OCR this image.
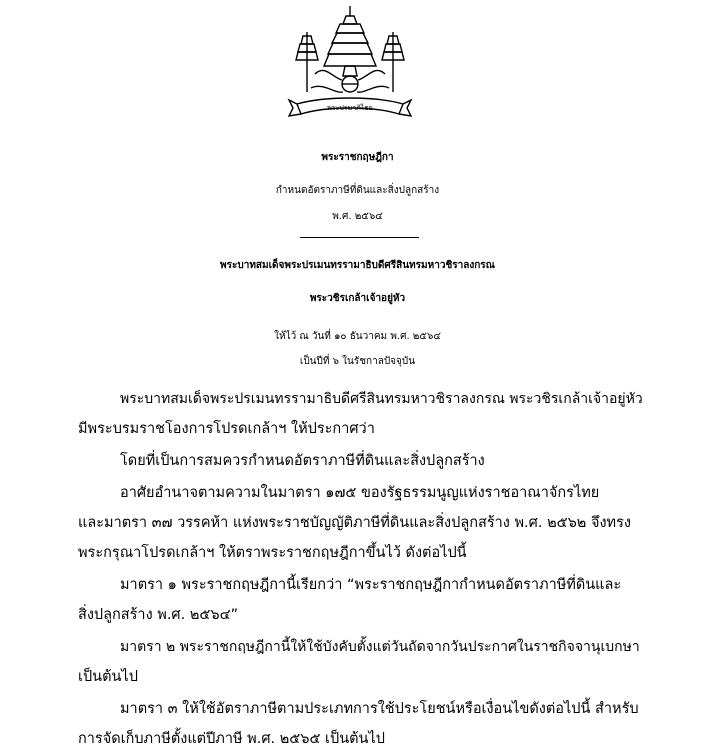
พระปรมาภิไธย
พระราชกฤษฎีกา
กำหนดอัตราภาษีที่ดินและสิ่งปลูกสร้าง
พ.ศ. ๒๕๖๔
พระบาทสมเด็จพระปรเมนทรรามาธิบดีศรีสินทรมหาวชิราลงกรณ
พระวชิรเกล้าเจ้าอยู่หัว
ให้ไว้ ณ วันที่ ๑๐ ธันวาคม พ.ศ. ๒๕๖๔
เป็นปีที่ ๖ ในรัชกาลปัจจุบัน
พระบาทสมเด็จพระปรเมนทรรามาธิบดีศรีสินทรมหาวชิราลงกรณ พระวชิรเกล้าเจ้าอยู่หัว
มีพระบรมราชโองการโปรดเกล้าฯ ให้ประกาศว่า
โดยที่เป็นการสมควรกำหนดอัตราภาษีที่ดินและสิ่งปลูกสร้าง
อาศัยอำนาจตามความในมาตรา ๑๗๕ ของรัฐธรรมนูญแห่งราชอาณาจักรไทย
และมาตรา ๓๗ วรรคห้า แห่งพระราชบัญญัติภาษีที่ดินและสิ่งปลูกสร้าง พ.ศ. ๒๕๖๒ จึงทรง
พระกรุณาโปรดเกล้าฯ ให้ตราพระราชกฤษฎีกาขึ้นไว้ ดังต่อไปนี้
มาตรา ๑ พระราชกฤษฎีกานี้เรียกว่า “พระราชกฤษฎีกากำหนดอัตราภาษีที่ดินและ
สิ่งปลูกสร้าง พ.ศ. ๒๕๖๔”
มาตรา ๒ พระราชกฤษฎีกานี้ให้ใช้บังคับตั้งแต่วันถัดจากวันประกาศในราชกิจจานุเบกษา
เป็นต้นไป
มาตรา ๓ ให้ใช้อัตราภาษีตามประเภทการใช้ประโยชน์หรือเงื่อนไขดังต่อไปนี้ สำหรับ
การจัดเก็บภาษีตั้งแต่ปีภาษี พ.ศ. ๒๕๖๕ เป็นต้นไป
